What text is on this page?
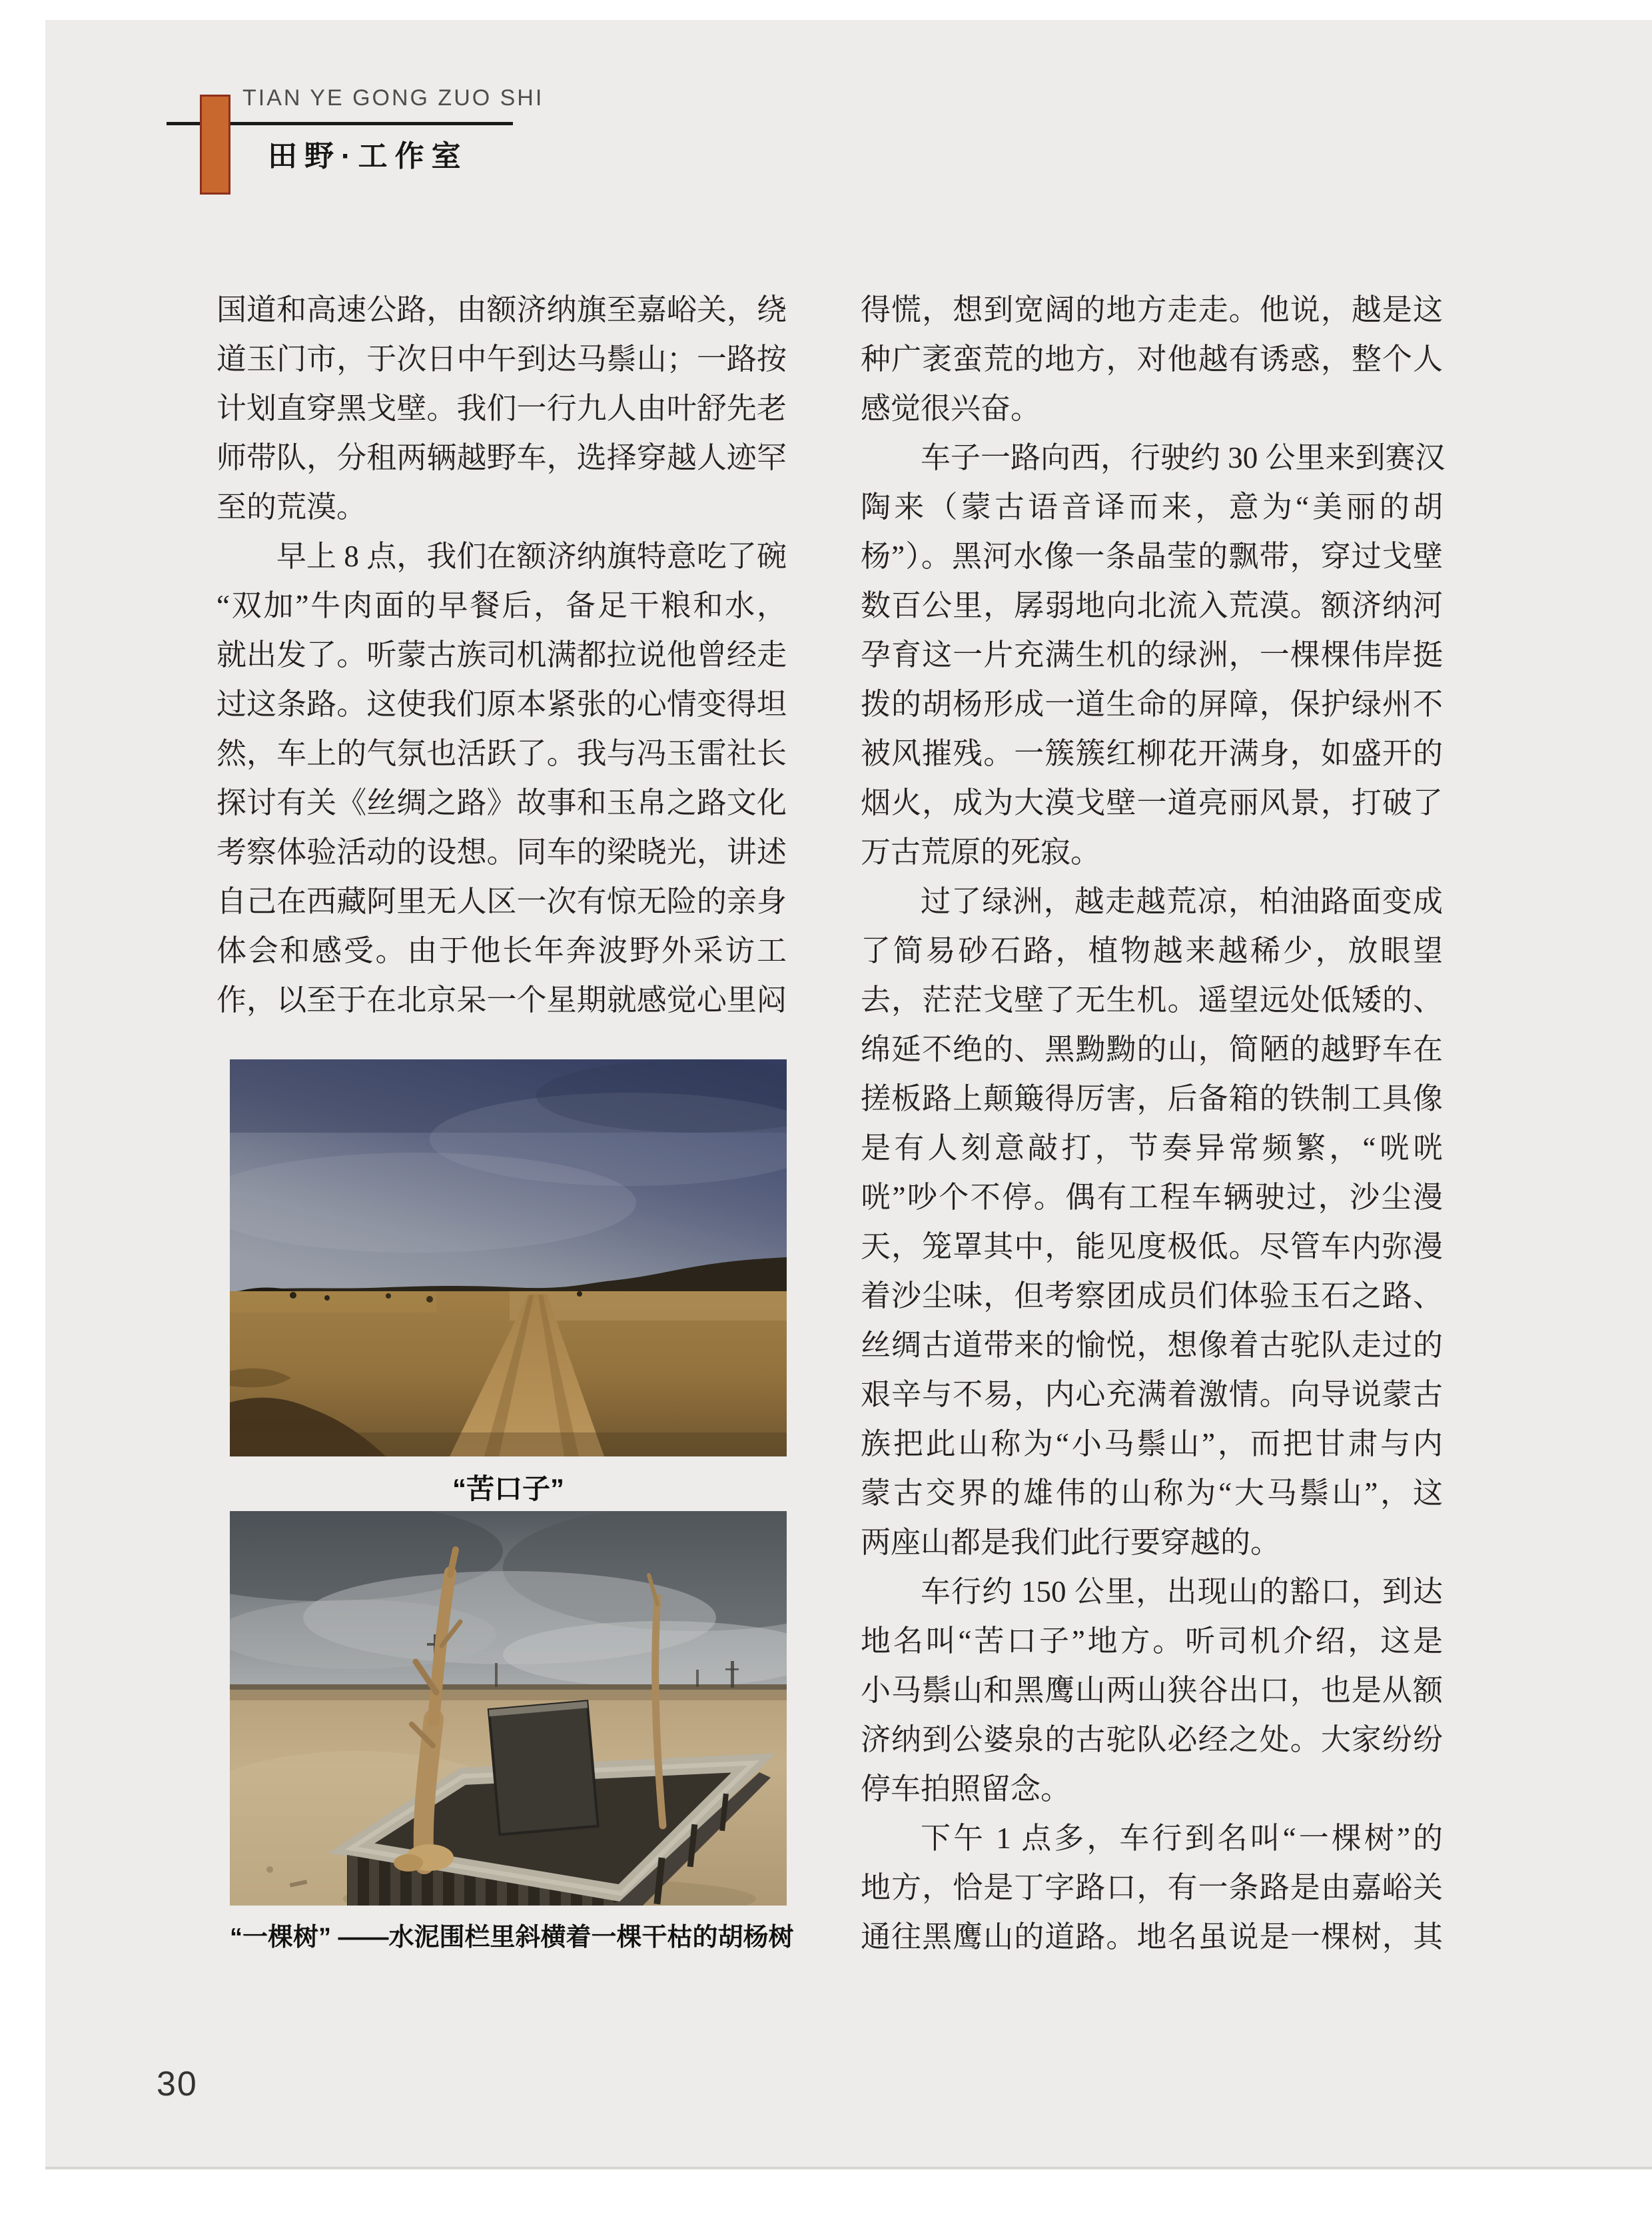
TIAN YE GONG ZUO SHI
田野·工作室
国道和高速公路，由额济纳旗至嘉峪关，绕
道玉门市，于次日中午到达马鬃山；一路按
计划直穿黑戈壁。我们一行九人由叶舒先老
师带队，分租两辆越野车，选择穿越人迹罕
至的荒漠。
早上 8 点，我们在额济纳旗特意吃了碗
“双加”牛肉面的早餐后，备足干粮和水，
就出发了。听蒙古族司机满都拉说他曾经走
过这条路。这使我们原本紧张的心情变得坦
然，车上的气氛也活跃了。我与冯玉雷社长
探讨有关《丝绸之路》故事和玉帛之路文化
考察体验活动的设想。同车的梁晓光，讲述
自己在西藏阿里无人区一次有惊无险的亲身
体会和感受。由于他长年奔波野外采访工
作，以至于在北京呆一个星期就感觉心里闷
得慌，想到宽阔的地方走走。他说，越是这
种广袤蛮荒的地方，对他越有诱惑，整个人
感觉很兴奋。
车子一路向西，行驶约 30 公里来到赛汉
陶来（蒙古语音译而来，意为“美丽的胡
杨”）。黑河水像一条晶莹的飘带，穿过戈壁
数百公里，孱弱地向北流入荒漠。额济纳河
孕育这一片充满生机的绿洲，一棵棵伟岸挺
拨的胡杨形成一道生命的屏障，保护绿州不
被风摧残。一簇簇红柳花开满身，如盛开的
烟火，成为大漠戈壁一道亮丽风景，打破了
万古荒原的死寂。
过了绿洲，越走越荒凉，柏油路面变成
了简易砂石路，植物越来越稀少，放眼望
去，茫茫戈壁了无生机。遥望远处低矮的、
绵延不绝的、黑黝黝的山，简陋的越野车在
搓板路上颠簸得厉害，后备箱的铁制工具像
是有人刻意敲打，节奏异常频繁，“咣咣
咣”吵个不停。偶有工程车辆驶过，沙尘漫
天，笼罩其中，能见度极低。尽管车内弥漫
着沙尘味，但考察团成员们体验玉石之路、
丝绸古道带来的愉悦，想像着古驼队走过的
艰辛与不易，内心充满着激情。向导说蒙古
族把此山称为“小马鬃山”，而把甘肃与内
蒙古交界的雄伟的山称为“大马鬃山”，这
两座山都是我们此行要穿越的。
车行约 150 公里，出现山的豁口，到达
地名叫“苦口子”地方。听司机介绍，这是
小马鬃山和黑鹰山两山狭谷出口，也是从额
济纳到公婆泉的古驼队必经之处。大家纷纷
停车拍照留念。
下午 1 点多，车行到名叫“一棵树”的
地方，恰是丁字路口，有一条路是由嘉峪关
通往黑鹰山的道路。地名虽说是一棵树，其
“苦口子”
“一棵树” ——水泥围栏里斜横着一棵干枯的胡杨树
30
